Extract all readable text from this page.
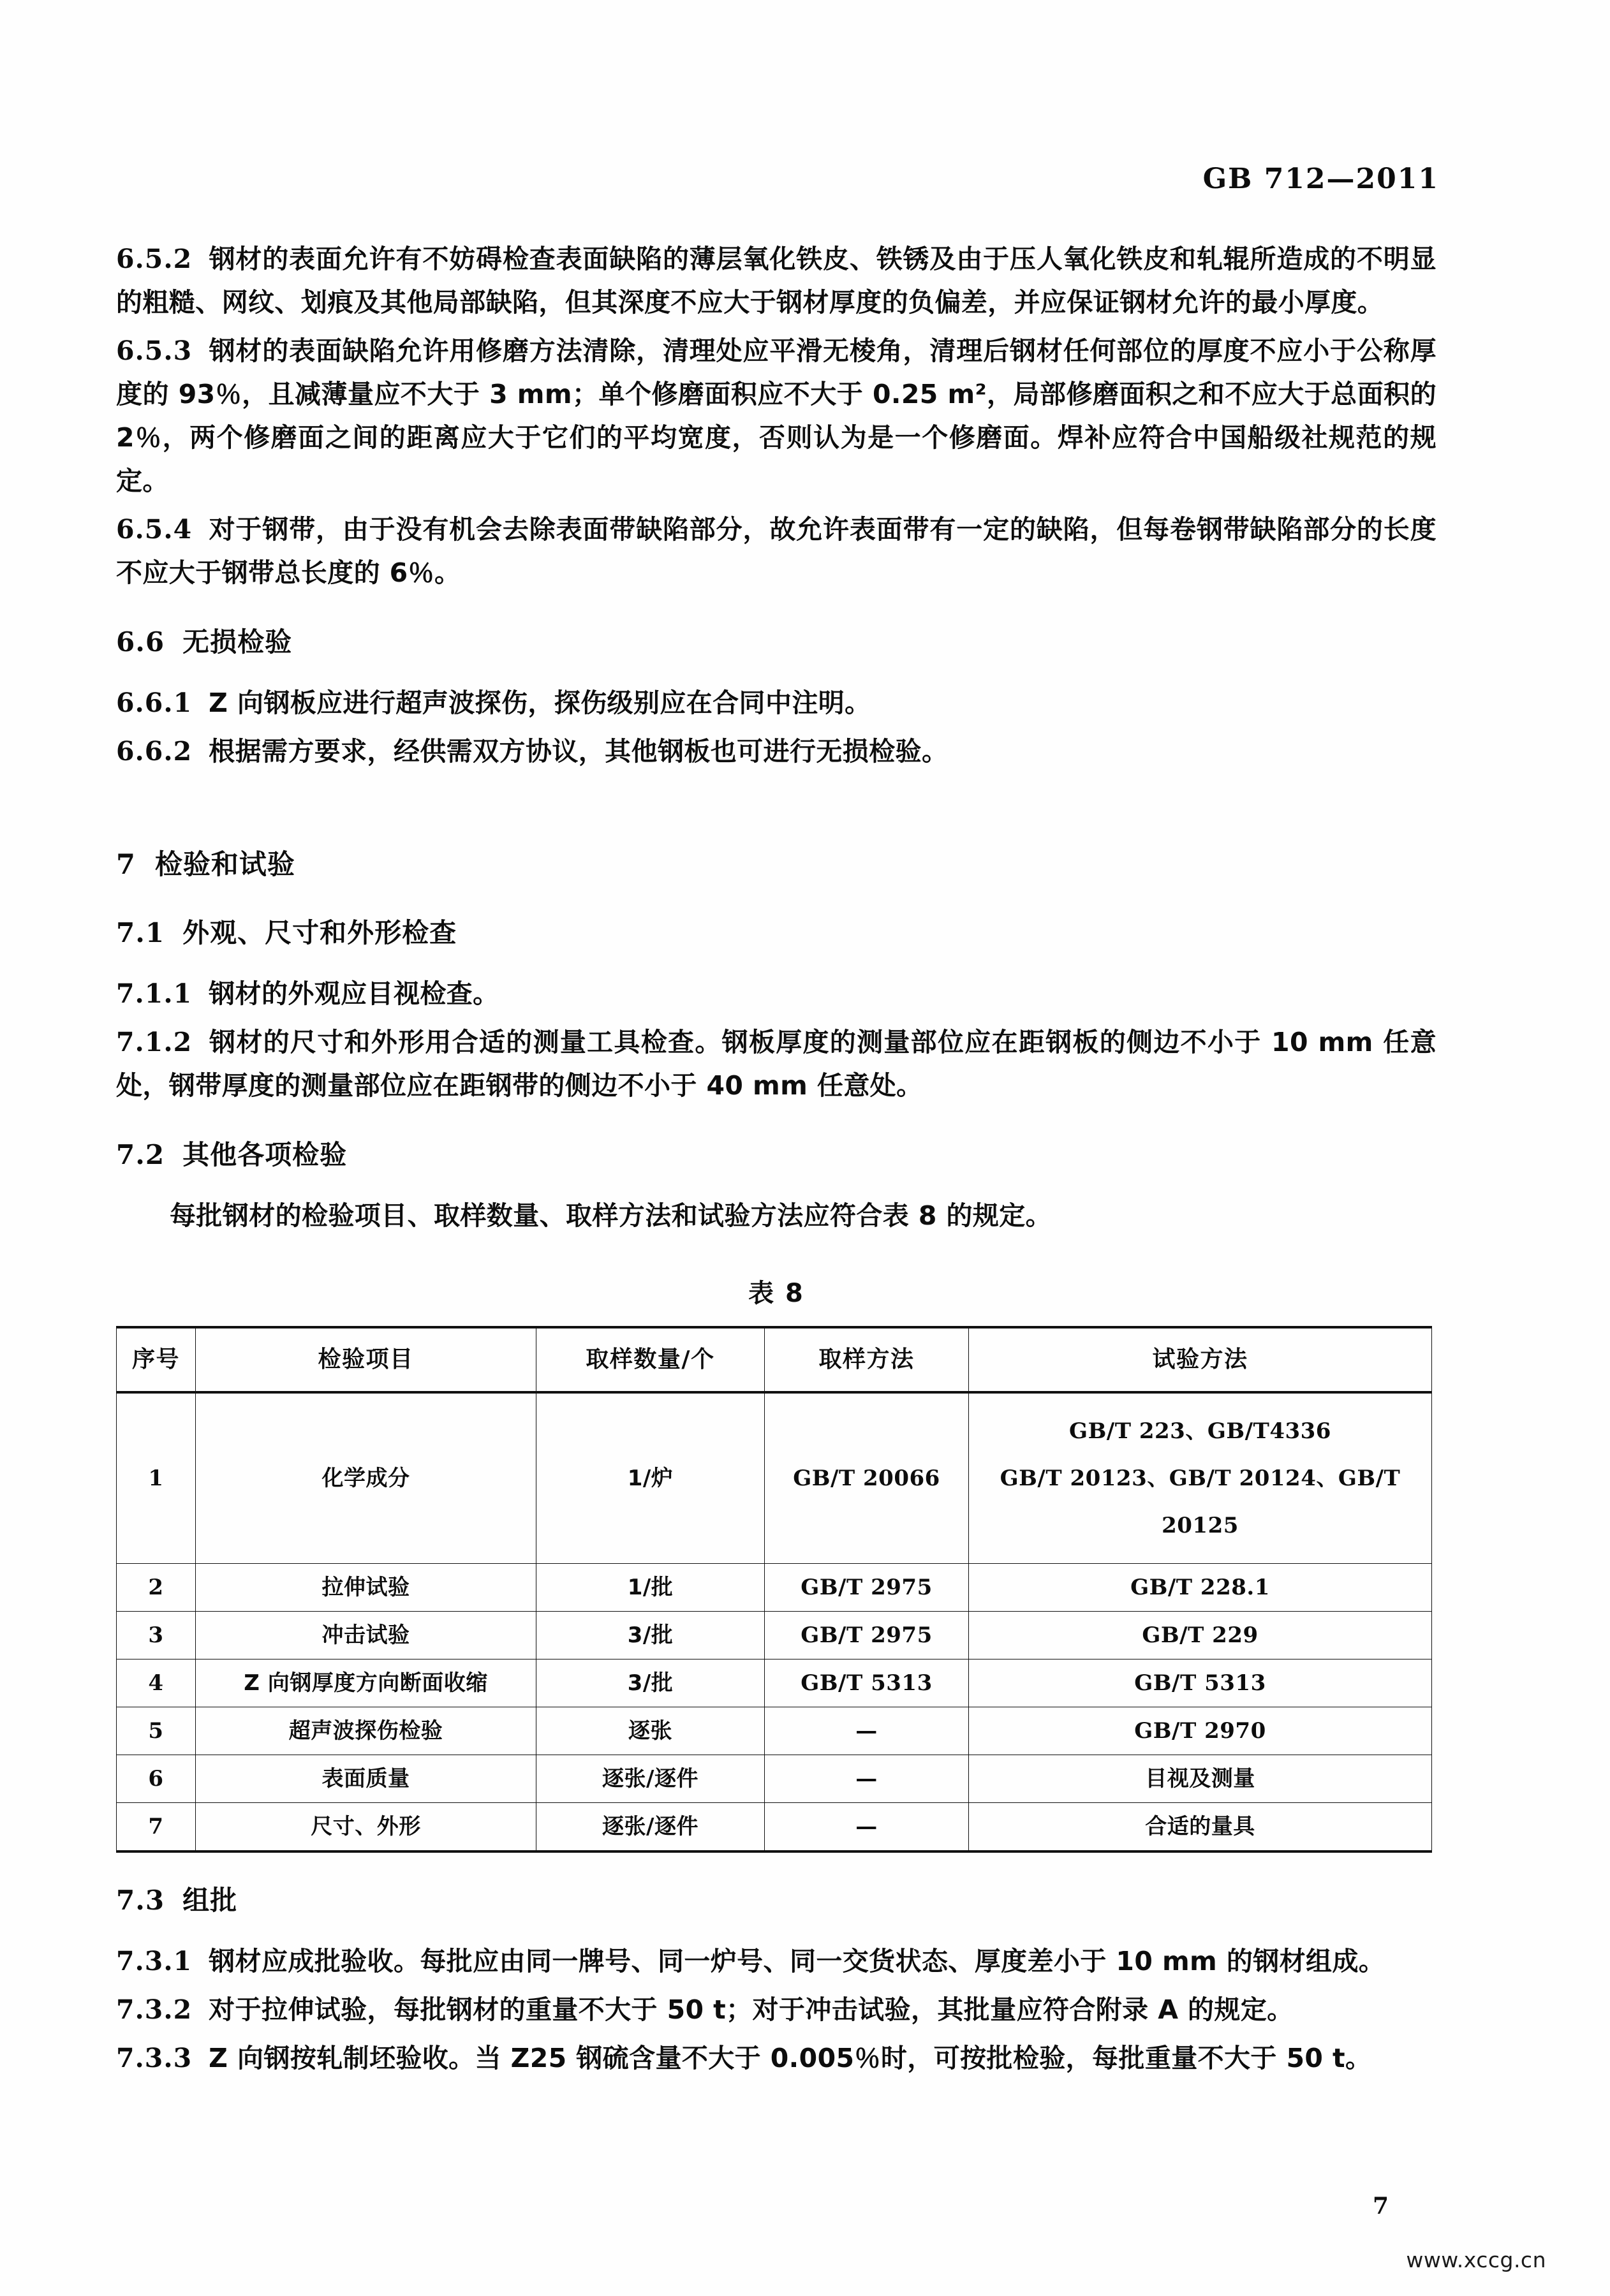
GB 712—2011

6.5.2 钢材的表面允许有不妨碍检查表面缺陷的薄层氧化铁皮、铁锈及由于压人氧化铁皮和轧辊所造成的不明显的粗糙、网纹、划痕及其他局部缺陷，但其深度不应大于钢材厚度的负偏差，并应保证钢材允许的最小厚度。

6.5.3 钢材的表面缺陷允许用修磨方法清除，清理处应平滑无棱角，清理后钢材任何部位的厚度不应小于公称厚度的 93％，且减薄量应不大于 3 mm；单个修磨面积应不大于 0.25 m²，局部修磨面积之和不应大于总面积的 2％，两个修磨面之间的距离应大于它们的平均宽度，否则认为是一个修磨面。焊补应符合中国船级社规范的规定。

6.5.4 对于钢带，由于没有机会去除表面带缺陷部分，故允许表面带有一定的缺陷，但每卷钢带缺陷部分的长度不应大于钢带总长度的 6％。

6.6 无损检验

6.6.1 Z 向钢板应进行超声波探伤，探伤级别应在合同中注明。

6.6.2 根据需方要求，经供需双方协议，其他钢板也可进行无损检验。

7 检验和试验
7.1 外观、尺寸和外形检查

7.1.1 钢材的外观应目视检查。

7.1.2 钢材的尺寸和外形用合适的测量工具检查。钢板厚度的测量部位应在距钢板的侧边不小于 10 mm 任意处，钢带厚度的测量部位应在距钢带的侧边不小于 40 mm 任意处。

7.2 其他各项检验

每批钢材的检验项目、取样数量、取样方法和试验方法应符合表 8 的规定。

表 8
序号	检验项目	取样数量/个	取样方法	试验方法
1	化学成分	1/炉	GB/T 20066	GB/T 223、GB/T4336
GB/T 20123、GB/T 20124、GB/T 20125

2	拉伸试验	1/批	GB/T 2975	GB/T 228.1
3	冲击试验	3/批	GB/T 2975	GB/T 229
4	Z 向钢厚度方向断面收缩	3/批	GB/T 5313	GB/T 5313
5	超声波探伤检验	逐张	—	GB/T 2970
6	表面质量	逐张/逐件	—	目视及测量
7	尺寸、外形	逐张/逐件	—	合适的量具
7.3 组批

7.3.1 钢材应成批验收。每批应由同一牌号、同一炉号、同一交货状态、厚度差小于 10 mm 的钢材组成。

7.3.2 对于拉伸试验，每批钢材的重量不大于 50 t；对于冲击试验，其批量应符合附录 A 的规定。

7.3.3 Z 向钢按轧制坯验收。当 Z25 钢硫含量不大于 0.005％时，可按批检验，每批重量不大于 50 t。

7
www.xccg.cn
